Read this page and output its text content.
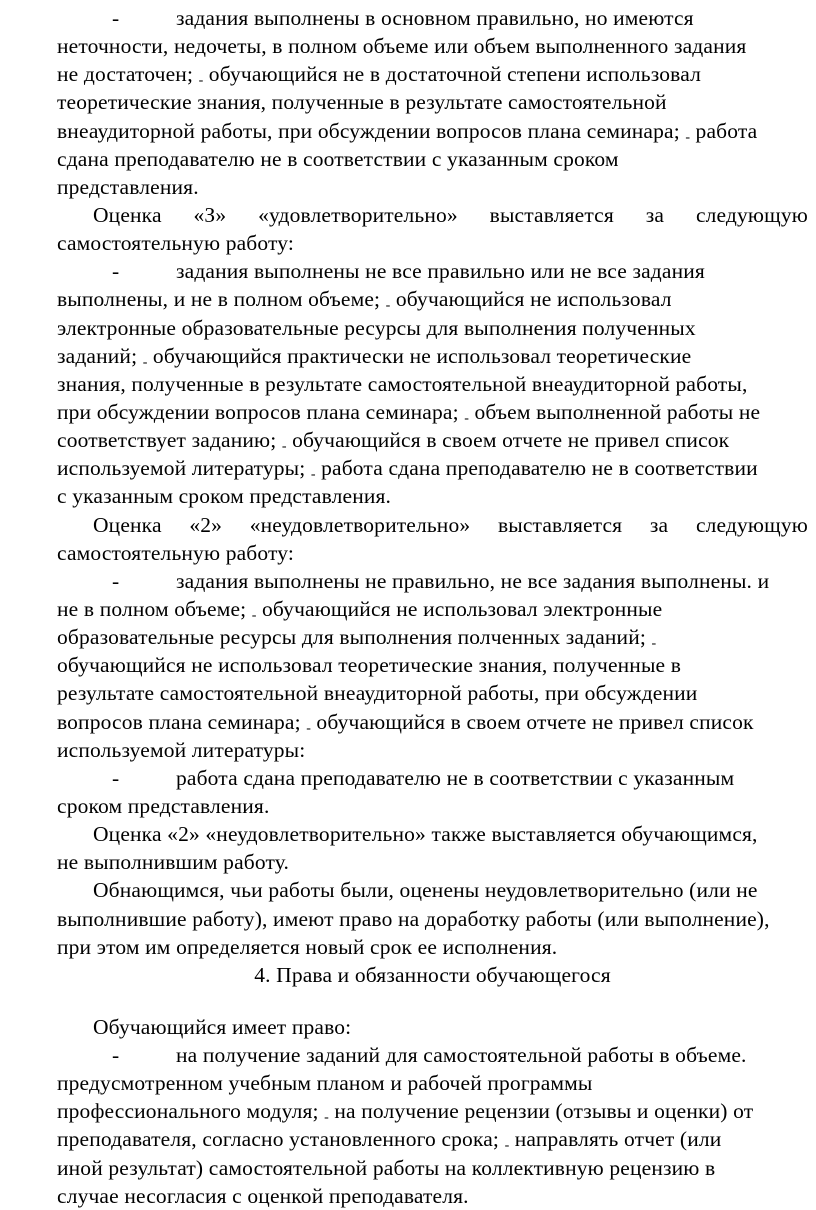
-	задания выполнены в основном правильно, но имеются
неточности, недочеты, в полном объеме или объем выполненного задания
не достаточен; - обучающийся не в достаточной степени использовал
теоретические знания, полученные в результате самостоятельной
внеаудиторной работы, при обсуждении вопросов плана семинара; - работа
сдана преподавателю не в соответствии с указанным сроком
представления.
Оценка «З» «удовлетворительно» выставляется за следующую
самостоятельную работу:
-	задания выполнены не все правильно или не все задания
выполнены, и не в полном объеме; - обучающийся не использовал
электронные образовательные ресурсы для выполнения полученных
заданий; - обучающийся практически не использовал теоретические
знания, полученные в результате самостоятельной внеаудиторной работы,
при обсуждении вопросов плана семинара; - объем выполненной работы не
соответствует заданию; - обучающийся в своем отчете не привел список
используемой литературы; - работа сдана преподавателю не в соответствии
с указанным сроком представления.
Оценка «2» «неудовлетворительно» выставляется за следующую
самостоятельную работу:
-	задания выполнены не правильно, не все задания выполнены. и
не в полном объеме; - обучающийся не использовал электронные
образовательные ресурсы для выполнения полченных заданий; -
обучающийся не использовал теоретические знания, полученные в
результате самостоятельной внеаудиторной работы, при обсуждении
вопросов плана семинара; - обучающийся в своем отчете не привел список
используемой литературы:
-	работа сдана преподавателю не в соответствии с указанным
сроком представления.
Оценка «2» «неудовлетворительно» также выставляется обучающимся,
не выполнившим работу.
Обнающимся, чьи работы были, оценены неудовлетворительно (или не
выполнившие работу), имеют право на доработку работы (или выполнение),
при этом им определяется новый срок ее исполнения.
4. Права и обязанности обучающегося
Обучающийся имеет право:
-	на получение заданий для самостоятельной работы в объеме.
предусмотренном учебным планом и рабочей программы
профессионального модуля; - на получение рецензии (отзывы и оценки) от
преподавателя, согласно установленного срока; - направлять отчет (или
иной результат) самостоятельной работы на коллективную рецензию в
случае несогласия с оценкой преподавателя.
